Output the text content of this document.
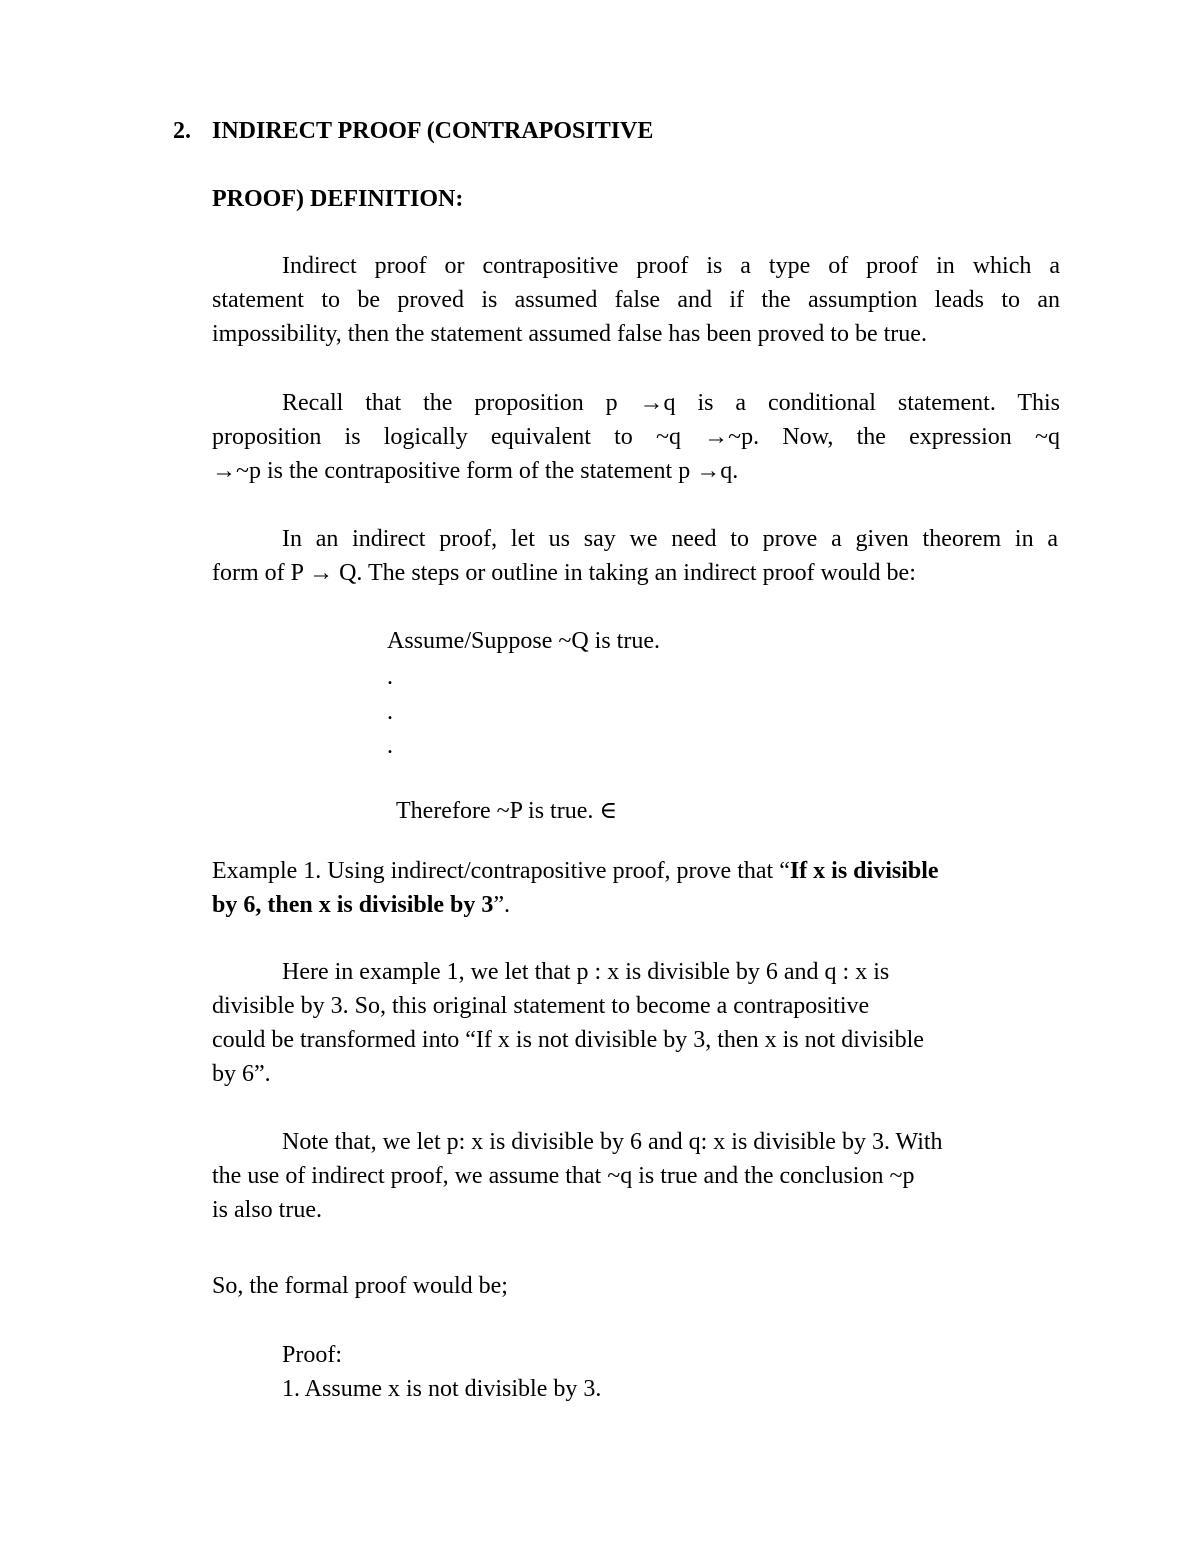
2. INDIRECT PROOF (CONTRAPOSITIVE
PROOF) DEFINITION:
Indirect proof or contrapositive proof is a type of proof in which a
statement to be proved is assumed false and if the assumption leads to an
impossibility, then the statement assumed false has been proved to be true.
Recall that the proposition p →q is a conditional statement. This
proposition is logically equivalent to ~q →~p. Now, the expression ~q
→~p is the contrapositive form of the statement p →q.
In an indirect proof, let us say we need to prove a given theorem in a
form of P → Q. The steps or outline in taking an indirect proof would be:
Assume/Suppose ~Q is true.
.
.
.
Therefore ~P is true. ∈
Example 1. Using indirect/contrapositive proof, prove that “If x is divisible
by 6, then x is divisible by 3”.
Here in example 1, we let that p : x is divisible by 6 and q : x is
divisible by 3. So, this original statement to become a contrapositive
could be transformed into “If x is not divisible by 3, then x is not divisible
by 6”.
Note that, we let p: x is divisible by 6 and q: x is divisible by 3. With
the use of indirect proof, we assume that ~q is true and the conclusion ~p
is also true.
So, the formal proof would be;
Proof:
1. Assume x is not divisible by 3.
